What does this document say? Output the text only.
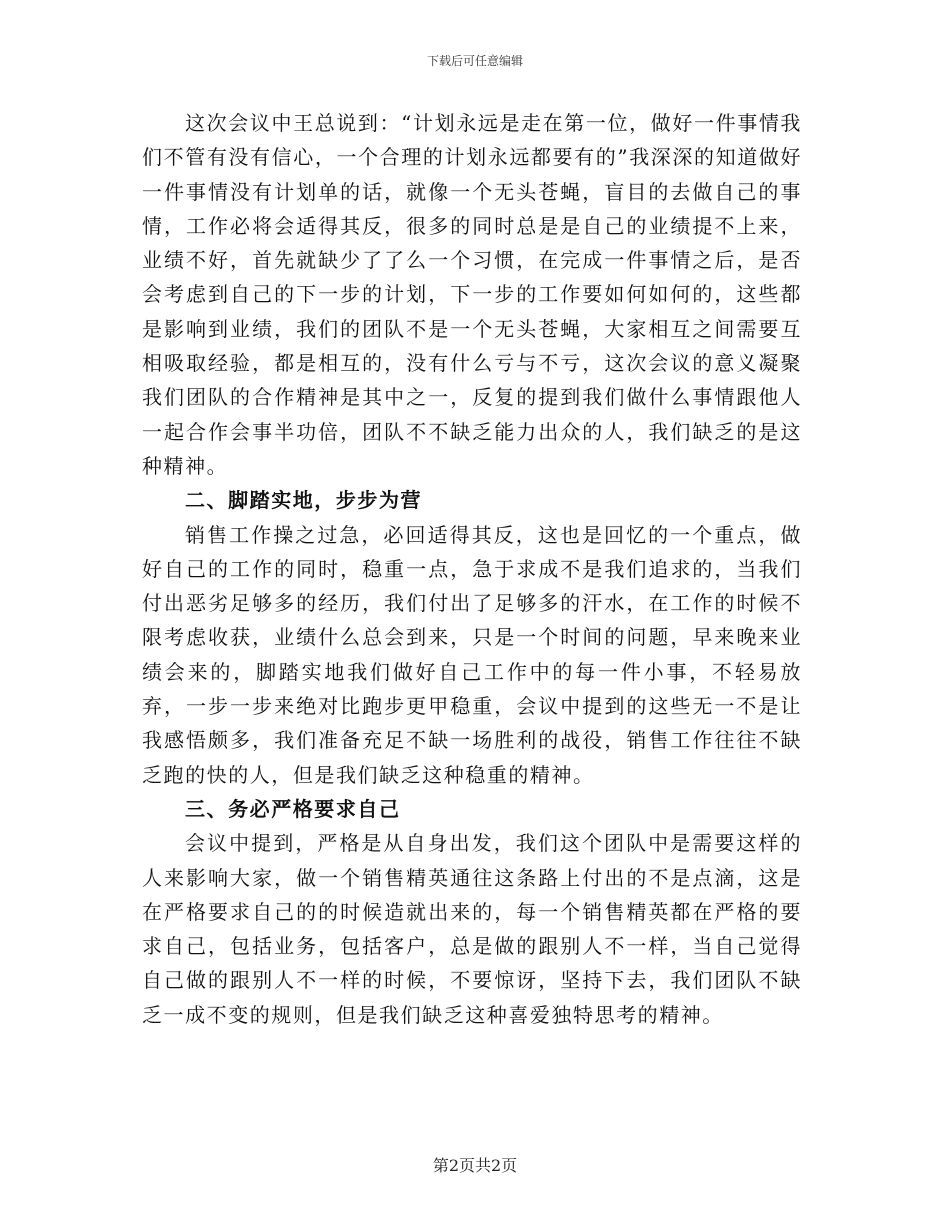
下载后可任意编辑

这次会议中王总说到：“计划永远是走在第一位，做好一件事情我们不管有没有信心，一个合理的计划永远都要有的”我深深的知道做好一件事情没有计划单的话，就像一个无头苍蝇，盲目的去做自己的事情，工作必将会适得其反，很多的同时总是是自己的业绩提不上来，业绩不好，首先就缺少了了么一个习惯，在完成一件事情之后，是否会考虑到自己的下一步的计划，下一步的工作要如何如何的，这些都是影响到业绩，我们的团队不是一个无头苍蝇，大家相互之间需要互相吸取经验，都是相互的，没有什么亏与不亏，这次会议的意义凝聚我们团队的合作精神是其中之一，反复的提到我们做什么事情跟他人一起合作会事半功倍，团队不不缺乏能力出众的人，我们缺乏的是这种精神。

二、脚踏实地，步步为营

销售工作操之过急，必回适得其反，这也是回忆的一个重点，做好自己的工作的同时，稳重一点，急于求成不是我们追求的，当我们付出恶劣足够多的经历，我们付出了足够多的汗水，在工作的时候不限考虑收获，业绩什么总会到来，只是一个时间的问题，早来晚来业绩会来的，脚踏实地我们做好自己工作中的每一件小事，不轻易放弃，一步一步来绝对比跑步更甲稳重，会议中提到的这些无一不是让我感悟颇多，我们准备充足不缺一场胜利的战役，销售工作往往不缺乏跑的快的人，但是我们缺乏这种稳重的精神。

三、务必严格要求自己

会议中提到，严格是从自身出发，我们这个团队中是需要这样的人来影响大家，做一个销售精英通往这条路上付出的不是点滴，这是在严格要求自己的的时候造就出来的，每一个销售精英都在严格的要求自己，包括业务，包括客户，总是做的跟别人不一样，当自己觉得自己做的跟别人不一样的时候，不要惊讶，坚持下去，我们团队不缺乏一成不变的规则，但是我们缺乏这种喜爱独特思考的精神。

第2页共2页
